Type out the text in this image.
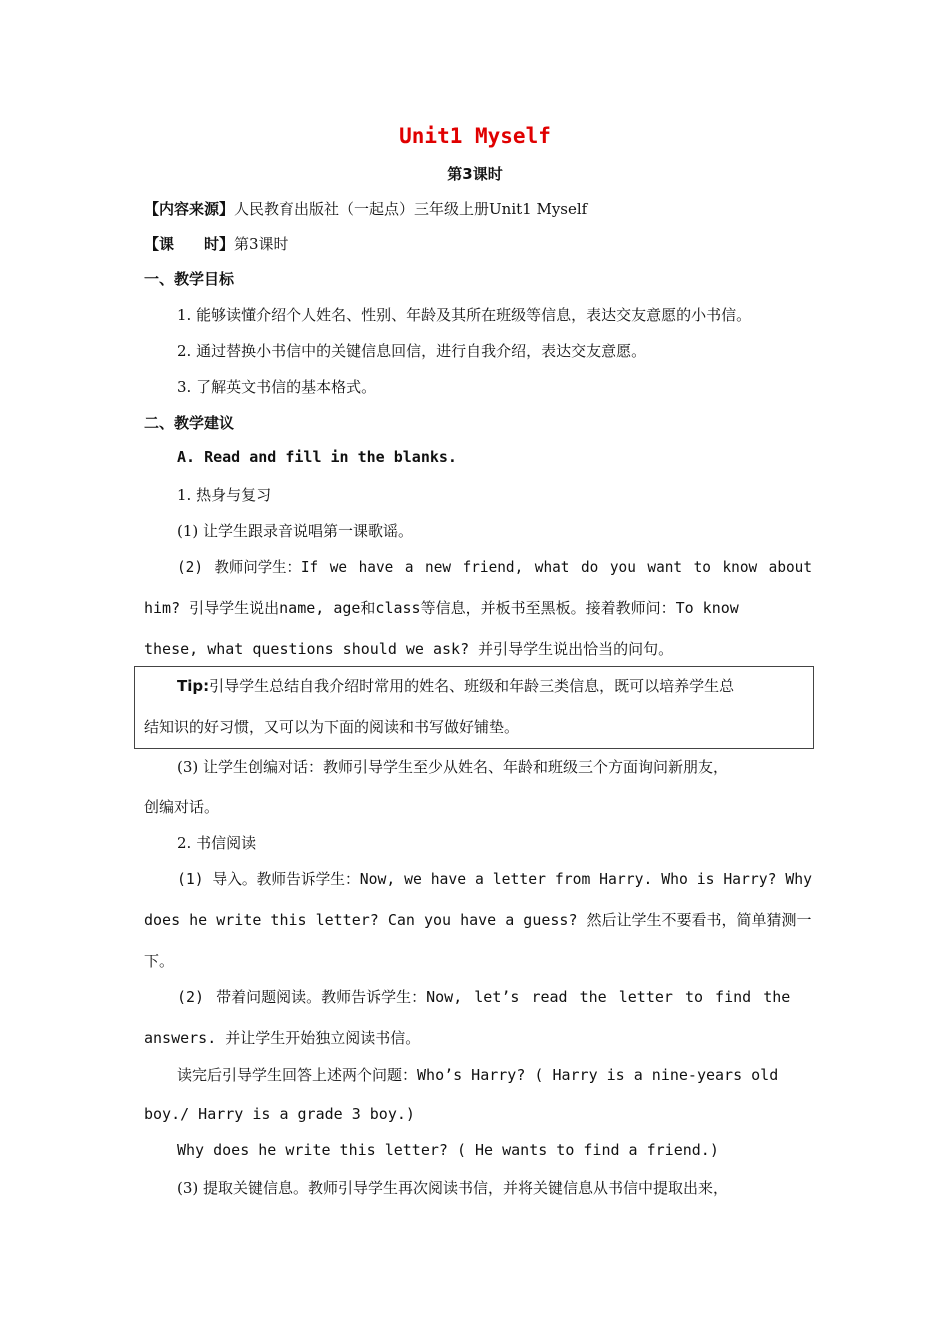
Unit1 Myself
第3课时
【内容来源】人民教育出版社（一起点）三年级上册Unit1 Myself
【课　　时】第3课时
一、教学目标
1. 能够读懂介绍个人姓名、性别、年龄及其所在班级等信息，表达交友意愿的小书信。
2. 通过替换小书信中的关键信息回信，进行自我介绍，表达交友意愿。
3. 了解英文书信的基本格式。
二、教学建议
A. Read and fill in the blanks.
1. 热身与复习
(1) 让学生跟录音说唱第一课歌谣。
(2) 教师问学生：If we have a new friend, what do you want to know about
him? 引导学生说出name, age和class等信息，并板书至黑板。接着教师问：To know
these, what questions should we ask? 并引导学生说出恰当的问句。
Tip:引导学生总结自我介绍时常用的姓名、班级和年龄三类信息，既可以培养学生总
结知识的好习惯，又可以为下面的阅读和书写做好铺垫。
(3) 让学生创编对话：教师引导学生至少从姓名、年龄和班级三个方面询问新朋友，
创编对话。
2. 书信阅读
(1) 导入。教师告诉学生：Now, we have a letter from Harry. Who is Harry? Why
does he write this letter? Can you have a guess? 然后让学生不要看书，简单猜测一
下。
(2) 带着问题阅读。教师告诉学生：Now, let’s read the letter to find the
answers. 并让学生开始独立阅读书信。
读完后引导学生回答上述两个问题：Who’s Harry? ( Harry is a nine-years old
boy./ Harry is a grade 3 boy.)
Why does he write this letter? ( He wants to find a friend.)
(3) 提取关键信息。教师引导学生再次阅读书信，并将关键信息从书信中提取出来，
